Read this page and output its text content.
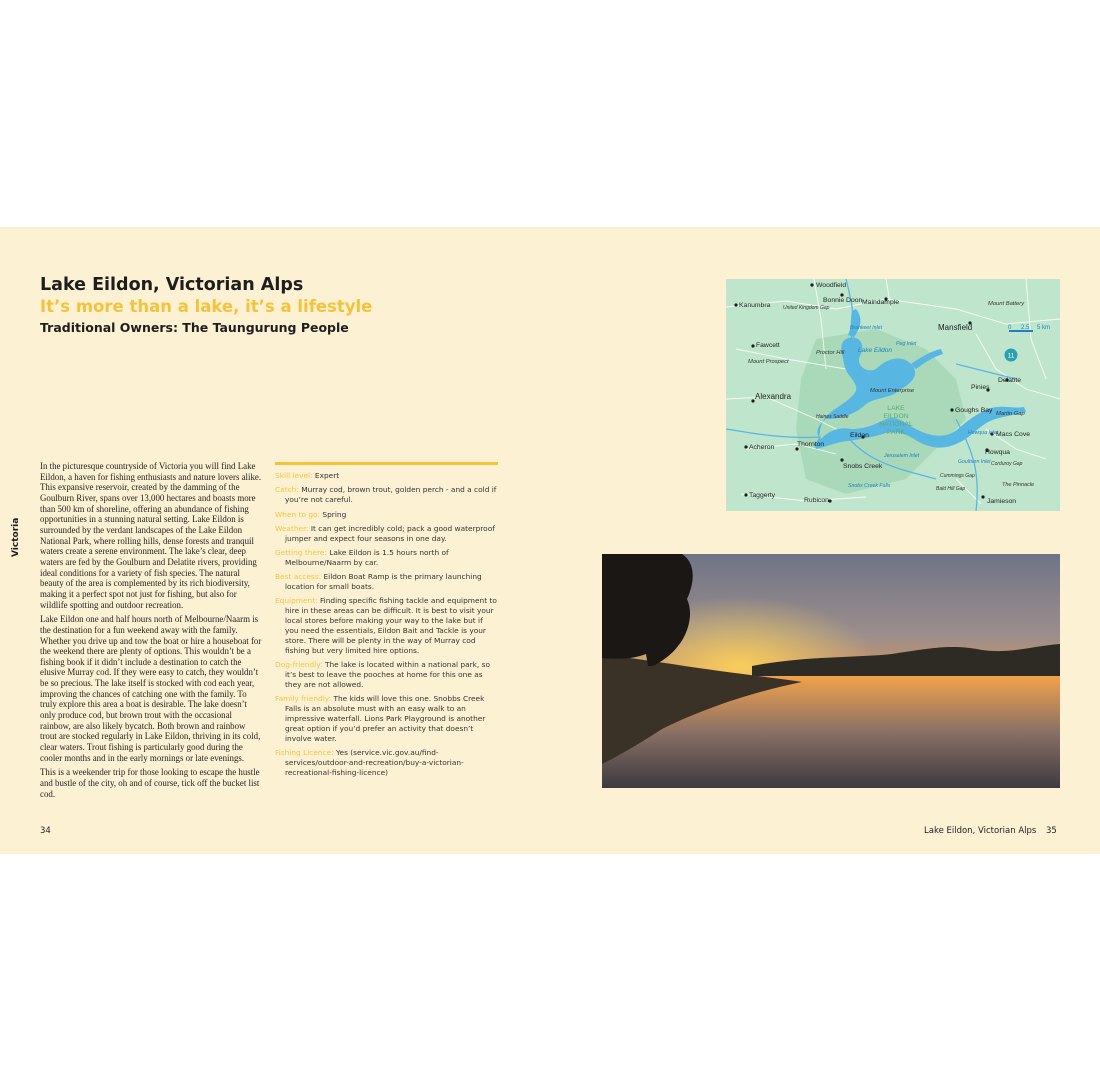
Lake Eildon, Victorian Alps
It’s more than a lake, it’s a lifestyle
Traditional Owners: The Taungurung People
Victoria

In the picturesque countryside of Victoria you will find Lake Eildon, a haven for fishing enthusiasts and nature lovers alike. This expansive reservoir, created by the damming of the Goulburn River, spans over 13,000 hectares and boasts more than 500 km of shoreline, offering an abundance of fishing opportunities in a stunning natural setting. Lake Eildon is surrounded by the verdant landscapes of the Lake Eildon National Park, where rolling hills, dense forests and tranquil waters create a serene environment. The lake’s clear, deep waters are fed by the Goulburn and Delatite rivers, providing ideal conditions for a variety of fish species. The natural beauty of the area is complemented by its rich biodiversity, making it a perfect spot not just for fishing, but also for wildlife spotting and outdoor recreation.

Lake Eildon one and half hours north of Melbourne/Naarm is the destination for a fun weekend away with the family. Whether you drive up and tow the boat or hire a houseboat for the weekend there are plenty of options. This wouldn’t be a fishing book if it didn’t include a destination to catch the elusive Murray cod. If they were easy to catch, they wouldn’t be so precious. The lake itself is stocked with cod each year, improving the chances of catching one with the family. To truly explore this area a boat is desirable. The lake doesn’t only produce cod, but brown trout with the occasional rainbow, are also likely bycatch. Both brown and rainbow trout are stocked regularly in Lake Eildon, thriving in its cold, clear waters. Trout fishing is particularly good during the cooler months and in the early mornings or late evenings.

This is a weekender trip for those looking to escape the hustle and bustle of the city, oh and of course, tick off the bucket list cod.

Skill level: Expert
Catch: Murray cod, brown trout, golden perch - and a cold if you’re not careful.
When to go: Spring
Weather: It can get incredibly cold; pack a good waterproof jumper and expect four seasons in one day.
Getting there: Lake Eildon is 1.5 hours north of Melbourne/Naarm by car.
Best access: Eildon Boat Ramp is the primary launching location for small boats.
Equipment: Finding specific fishing tackle and equipment to hire in these areas can be difficult. It is best to visit your local stores before making your way to the lake but if you need the essentials, Eildon Bait and Tackle is your store. There will be plenty in the way of Murray cod fishing but very limited hire options.
Dog-friendly: The lake is located within a national park, so it’s best to leave the pooches at home for this one as they are not allowed.
Family friendly: The kids will love this one. Snobbs Creek Falls is an absolute must with an easy walk to an impressive waterfall. Lions Park Playground is another great option if you’d prefer an activity that doesn’t involve water.
Fishing Licence: Yes (service.vic.gov.au/find-services/outdoor-and-recreation/buy-a-victorian-recreational-fishing-licence)
Woodfield
Kanumbra
Bonnie Doon Maindample
Mansfield
Fawcett
Alexandra
Delatite
Pinies
Goughs Bay
Macs Cove
Howqua
Acheron	Thornton
Eildon
Snobs Creek
Taggerty
Rubicon	Jamieson
Mount Battery
Mount Prospect
Proctor Hill
Mount Enterprise
Haines Saddle	Martin Gap
Corduroy Gap
Cummings Gap
Bald Hill Gap
The Pinnacle
United Kingdom Gap
Brankeet Inlet
Lake Eildon
Peg Inlet
Howqua Inlet
Jerusalem Inlet
Goulburn Inlet
Snobs Creek Falls
LAKE
EILDON
NATIONAL
PARK
0 2.5 5 km
11
34	Lake Eildon, Victorian Alps 35
